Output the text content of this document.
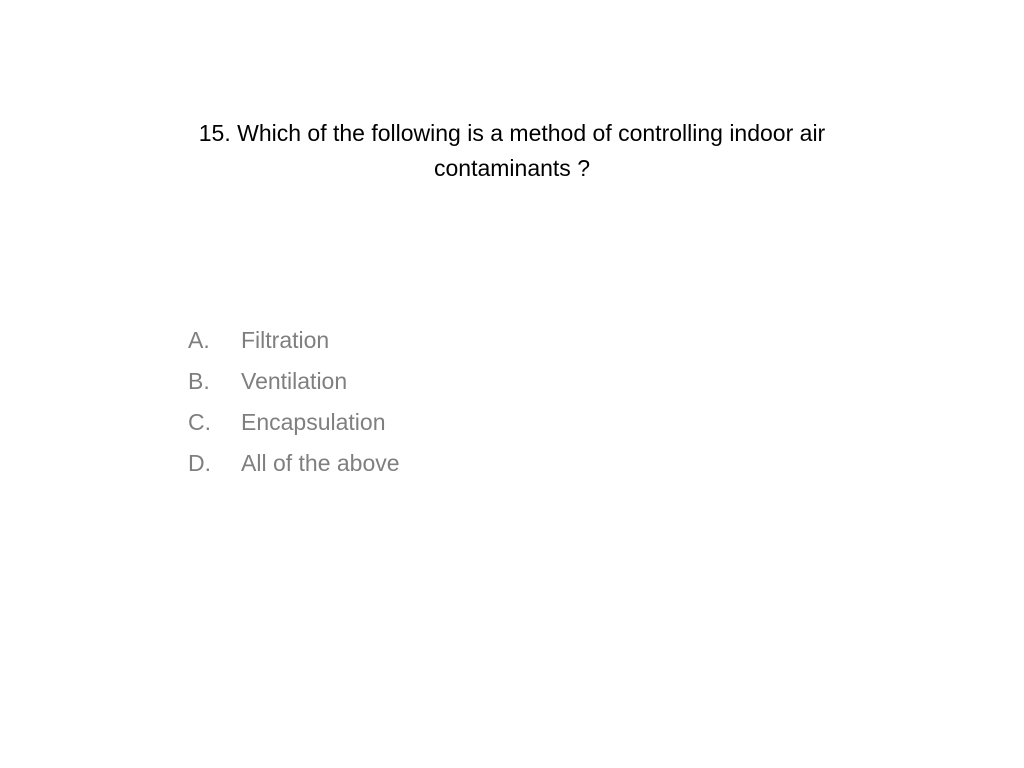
15. Which of the following is a method of controlling indoor air contaminants ?
A.	Filtration
B.	Ventilation
C.	Encapsulation
D.	All of the above
